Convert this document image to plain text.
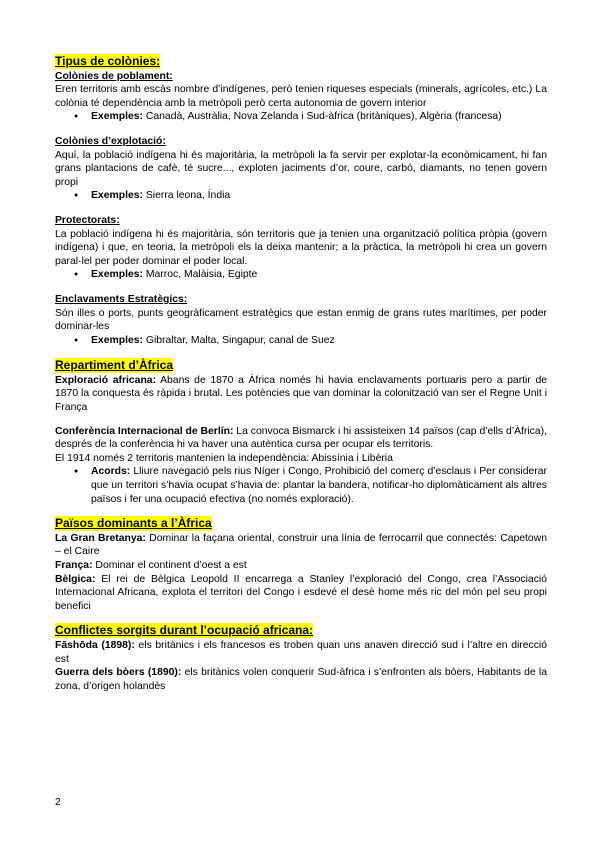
Tipus de colònies:
Colònies de poblament:
Eren territoris amb escàs nombre d’indígenes, però tenien riqueses especials (minerals, agrícoles, etc.) La colònia té dependència amb la metròpoli però certa autonomia de govern interior
● Exemples: Canadà, Austràlia, Nova Zelanda i Sud-àfrica (britàniques), Algèria (francesa)
Colònies d’explotació:
Aquí, la població indígena hi és majoritària, la metròpoli la fa servir per explotar-la econòmicament, hi fan grans plantacions de cafè, té sucre..., exploten jaciments d’or, coure, carbó, diamants, no tenen govern propi
● Exemples: Sierra leona, Índia
Protectorats:
La població indígena hi és majoritària, són territoris que ja tenien una organització política pròpia (govern indígena) i que, en teoria, la metròpoli els la deixa mantenir; a la pràctica, la metròpoli hi crea un govern paral·lel per poder dominar el poder local.
● Exemples: Marroc, Malàisia, Egipte
Enclavaments Estratègics:
Són illes o ports, punts geogràficament estratègics que estan enmig de grans rutes marítimes, per poder dominar-les
● Exemples: Gibraltar, Malta, Singapur, canal de Suez
Repartiment d’Àfrica
Exploració africana: Abans de 1870 a Àfrica només hi havia enclavaments portuaris pero a partir de 1870 la conquesta és ràpida i brutal. Les potències que van dominar la colonització van ser el Regne Unit i França
Conferència Internacional de Berlín: La convoca Bismarck i hi assisteixen 14 països (cap d’ells d’Àfrica), després de la conferència hi va haver una autèntica cursa per ocupar els territoris.
El 1914 només 2 territoris mantenien la independència: Abissínia i Libèria
● Acords: Lliure navegació pels rius Níger i Congo, Prohibició del comerç d’esclaus i Per considerar que un territori s’havia ocupat s’havia de: plantar la bandera, notificar-ho diplomàticament als altres països i fer una ocupació efectiva (no només exploració).
Països dominants a l’Àfrica
La Gran Bretanya: Dominar la façana oriental, construir una línia de ferrocarril que connectés: Capetown – el Caire
França: Dominar el continent d’oest a est
Bèlgica: El rei de Bèlgica Leopold II encarrega a Stanley l’exploració del Congo, crea l’Associació Internacional Africana, explota el territori del Congo i esdevé el desè home més ric del món pel seu propi benefici
Conflictes sorgits durant l’ocupació africana:
Fāshōda (1898): els britànics i els francesos es troben quan uns anaven direcció sud i l’altre en direcció est
Guerra dels bòers (1890): els britànics volen conquerir Sud-àfrica i s’enfronten als bòers, Habitants de la zona, d’origen holandès
2
